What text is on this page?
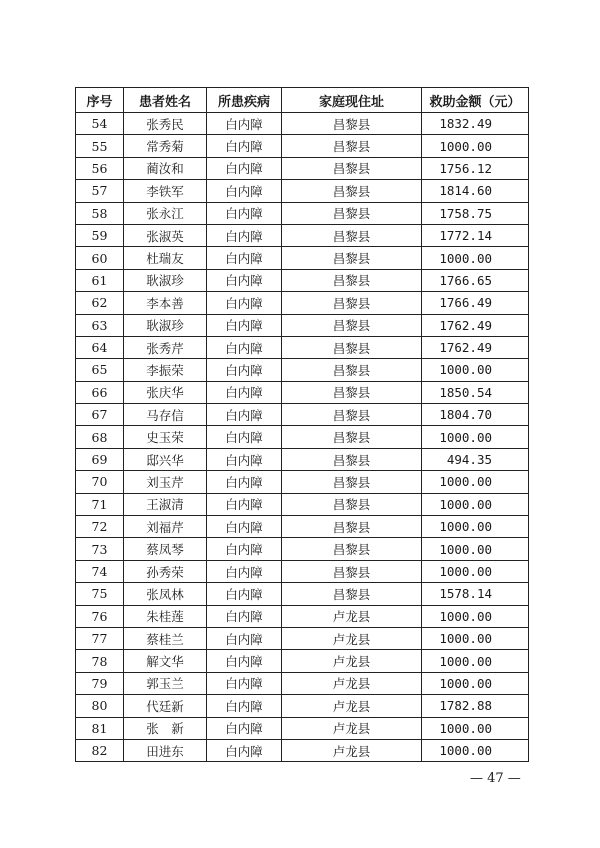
序号	患者姓名	所患疾病	家庭现住址	救助金额（元）
54	张秀民	白内障	昌黎县	1832.49
55	常秀菊	白内障	昌黎县	1000.00
56	蔺汝和	白内障	昌黎县	1756.12
57	李铁军	白内障	昌黎县	1814.60
58	张永江	白内障	昌黎县	1758.75
59	张淑英	白内障	昌黎县	1772.14
60	杜瑞友	白内障	昌黎县	1000.00
61	耿淑珍	白内障	昌黎县	1766.65
62	李本善	白内障	昌黎县	1766.49
63	耿淑珍	白内障	昌黎县	1762.49
64	张秀芹	白内障	昌黎县	1762.49
65	李振荣	白内障	昌黎县	1000.00
66	张庆华	白内障	昌黎县	1850.54
67	马存信	白内障	昌黎县	1804.70
68	史玉荣	白内障	昌黎县	1000.00
69	邸兴华	白内障	昌黎县	494.35
70	刘玉芹	白内障	昌黎县	1000.00
71	王淑清	白内障	昌黎县	1000.00
72	刘福芹	白内障	昌黎县	1000.00
73	蔡凤琴	白内障	昌黎县	1000.00
74	孙秀荣	白内障	昌黎县	1000.00
75	张凤林	白内障	昌黎县	1578.14
76	朱桂莲	白内障	卢龙县	1000.00
77	蔡桂兰	白内障	卢龙县	1000.00
78	解文华	白内障	卢龙县	1000.00
79	郭玉兰	白内障	卢龙县	1000.00
80	代廷新	白内障	卢龙县	1782.88
81	张　新	白内障	卢龙县	1000.00
82	田进东	白内障	卢龙县	1000.00
— 47 —
